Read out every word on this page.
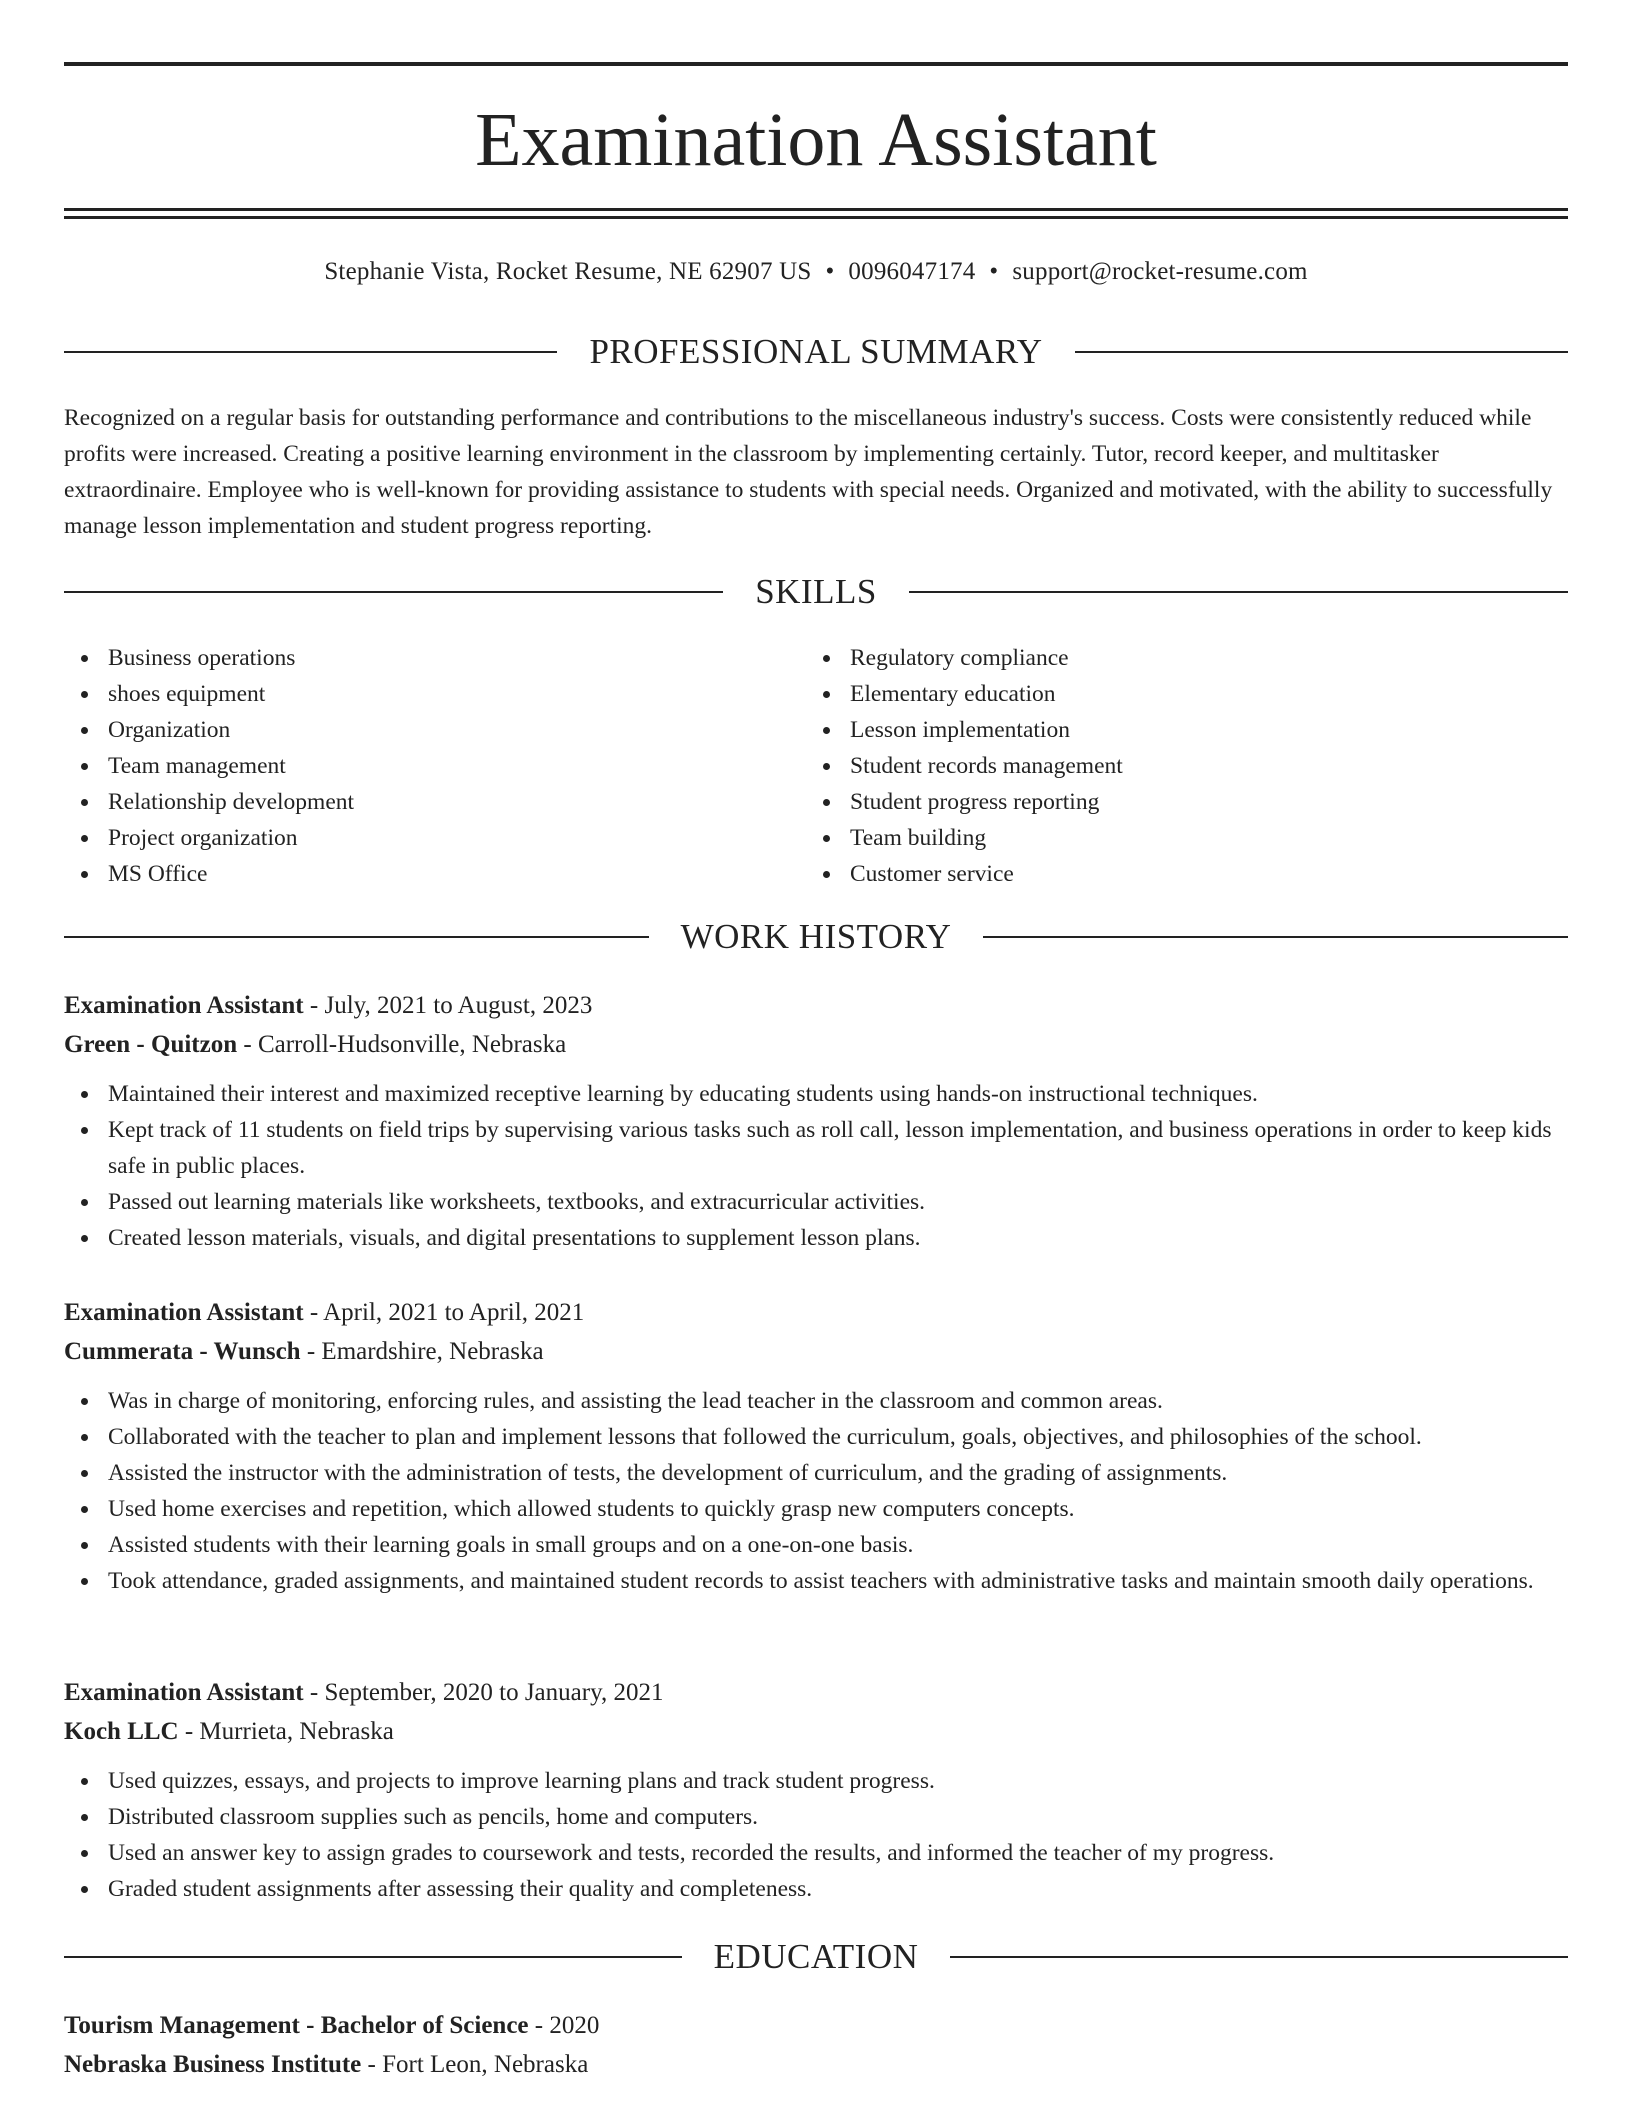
Examination Assistant
Stephanie Vista, Rocket Resume, NE 62907 US • 0096047174 • support@rocket-resume.com
PROFESSIONAL SUMMARY

Recognized on a regular basis for outstanding performance and contributions to the miscellaneous industry's success. Costs were consistently reduced while profits were increased. Creating a positive learning environment in the classroom by implementing certainly. Tutor, record keeper, and multitasker extraordinaire. Employee who is well-known for providing assistance to students with special needs. Organized and motivated, with the ability to successfully manage lesson implementation and student progress reporting.

SKILLS
Business operations
shoes equipment
Organization
Team management
Relationship development
Project organization
MS Office
Regulatory compliance
Elementary education
Lesson implementation
Student records management
Student progress reporting
Team building
Customer service
WORK HISTORY

Examination Assistant - July, 2021 to August, 2023

Green - Quitzon - Carroll-Hudsonville, Nebraska

Maintained their interest and maximized receptive learning by educating students using hands-on instructional techniques.
Kept track of 11 students on field trips by supervising various tasks such as roll call, lesson implementation, and business operations in order to keep kids safe in public places.
Passed out learning materials like worksheets, textbooks, and extracurricular activities.
Created lesson materials, visuals, and digital presentations to supplement lesson plans.

Examination Assistant - April, 2021 to April, 2021

Cummerata - Wunsch - Emardshire, Nebraska

Was in charge of monitoring, enforcing rules, and assisting the lead teacher in the classroom and common areas.
Collaborated with the teacher to plan and implement lessons that followed the curriculum, goals, objectives, and philosophies of the school.
Assisted the instructor with the administration of tests, the development of curriculum, and the grading of assignments.
Used home exercises and repetition, which allowed students to quickly grasp new computers concepts.
Assisted students with their learning goals in small groups and on a one-on-one basis.
Took attendance, graded assignments, and maintained student records to assist teachers with administrative tasks and maintain smooth daily operations.

Examination Assistant - September, 2020 to January, 2021

Koch LLC - Murrieta, Nebraska

Used quizzes, essays, and projects to improve learning plans and track student progress.
Distributed classroom supplies such as pencils, home and computers.
Used an answer key to assign grades to coursework and tests, recorded the results, and informed the teacher of my progress.
Graded student assignments after assessing their quality and completeness.
EDUCATION

Tourism Management - Bachelor of Science - 2020

Nebraska Business Institute - Fort Leon, Nebraska
